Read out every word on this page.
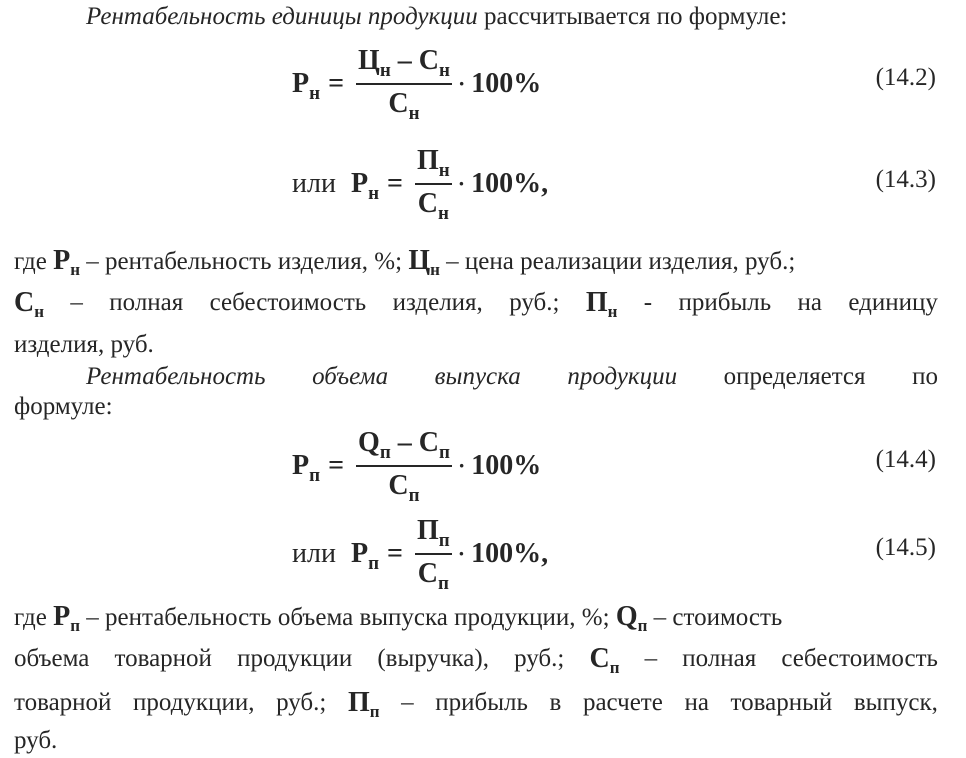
Рентабельность единицы продукции рассчитывается по формуле:
Р $н = \frac{\text{Ц н – С н}}{\text{С н}} \cdot 100\%$	(14.2)
или Р $н = \frac{\text{П н}}{\text{С н}} \cdot 100\%$,	(14.3)
где $Р_н$ – рентабельность изделия, %; $Ц_н$ – цена реализации изделия, руб.;
$С_н$ – полная себестоимость изделия, руб.; $П_н$ - прибыль на единицу
изделия, руб.
Рентабельность объема выпуска продукции определяется по
формуле:
Р $п = \frac{\text{Q п – С п}}{\text{С п}} \cdot 100\%$	(14.4)
или Р $п = \frac{\text{П п}}{\text{С п}} \cdot 100\%$,	(14.5)
где $Р_п$ – рентабельность объема выпуска продукции, %; $Q_п$ – стоимость
объема товарной продукции (выручка), руб.; $С_п$ – полная себестоимость
товарной продукции, руб.; $П_п$ – прибыль в расчете на товарный выпуск,
руб.
